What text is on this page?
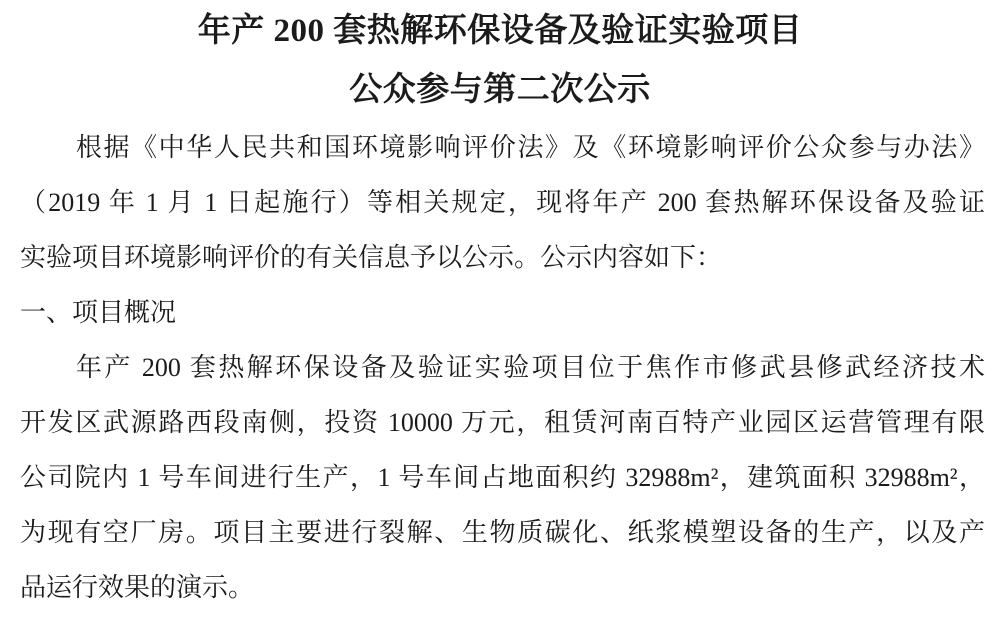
年产 200 套热解环保设备及验证实验项目
公众参与第二次公示
根据《中华人民共和国环境影响评价法》及《环境影响评价公众参与办法》
（2019 年 1 月 1 日起施行）等相关规定，现将年产 200 套热解环保设备及验证
实验项目环境影响评价的有关信息予以公示。公示内容如下：
一、项目概况
年产 200 套热解环保设备及验证实验项目位于焦作市修武县修武经济技术
开发区武源路西段南侧，投资 10000 万元，租赁河南百特产业园区运营管理有限
公司院内 1 号车间进行生产，1 号车间占地面积约 32988m²，建筑面积 32988m²，
为现有空厂房。项目主要进行裂解、生物质碳化、纸浆模塑设备的生产，以及产
品运行效果的演示。
